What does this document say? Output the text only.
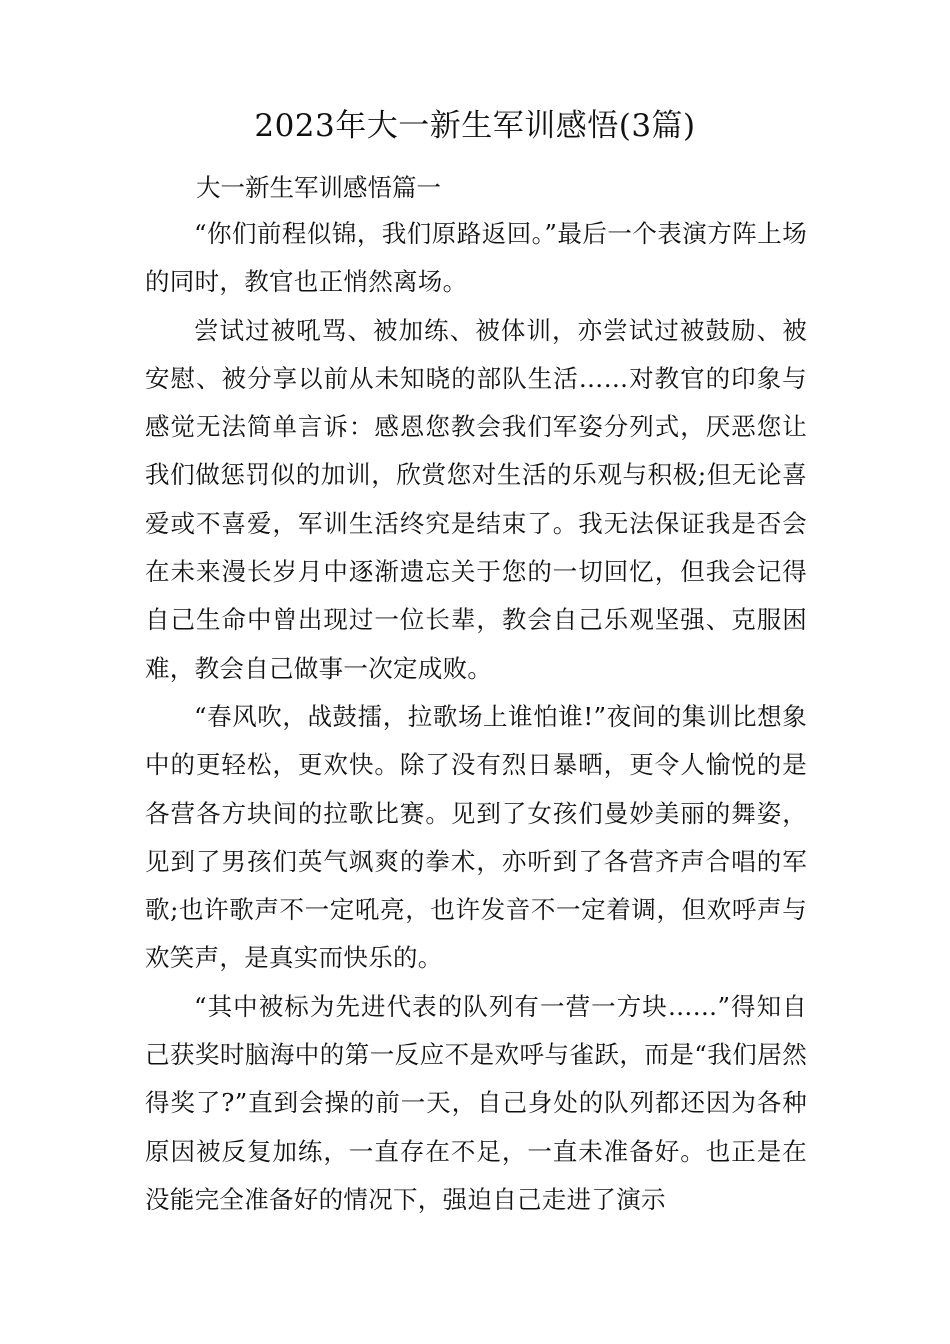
2023年大一新生军训感悟(3篇)
大一新生军训感悟篇一

“你们前程似锦，我们原路返回。”最后一个表演方阵上场的同时，教官也正悄然离场。

尝试过被吼骂、被加练、被体训，亦尝试过被鼓励、被安慰、被分享以前从未知晓的部队生活……对教官的印象与感觉无法简单言诉：感恩您教会我们军姿分列式，厌恶您让我们做惩罚似的加训，欣赏您对生活的乐观与积极;但无论喜爱或不喜爱，军训生活终究是结束了。我无法保证我是否会在未来漫长岁月中逐渐遗忘关于您的一切回忆，但我会记得自己生命中曾出现过一位长辈，教会自己乐观坚强、克服困难，教会自己做事一次定成败。

“春风吹，战鼓擂，拉歌场上谁怕谁!”夜间的集训比想象中的更轻松，更欢快。除了没有烈日暴晒，更令人愉悦的是各营各方块间的拉歌比赛。见到了女孩们曼妙美丽的舞姿，见到了男孩们英气飒爽的拳术，亦听到了各营齐声合唱的军歌;也许歌声不一定吼亮，也许发音不一定着调，但欢呼声与欢笑声，是真实而快乐的。

“其中被标为先进代表的队列有一营一方块……”得知自己获奖时脑海中的第一反应不是欢呼与雀跃，而是“我们居然得奖了?”直到会操的前一天，自己身处的队列都还因为各种原因被反复加练，一直存在不足，一直未准备好。也正是在没能完全准备好的情况下，强迫自己走进了演示
